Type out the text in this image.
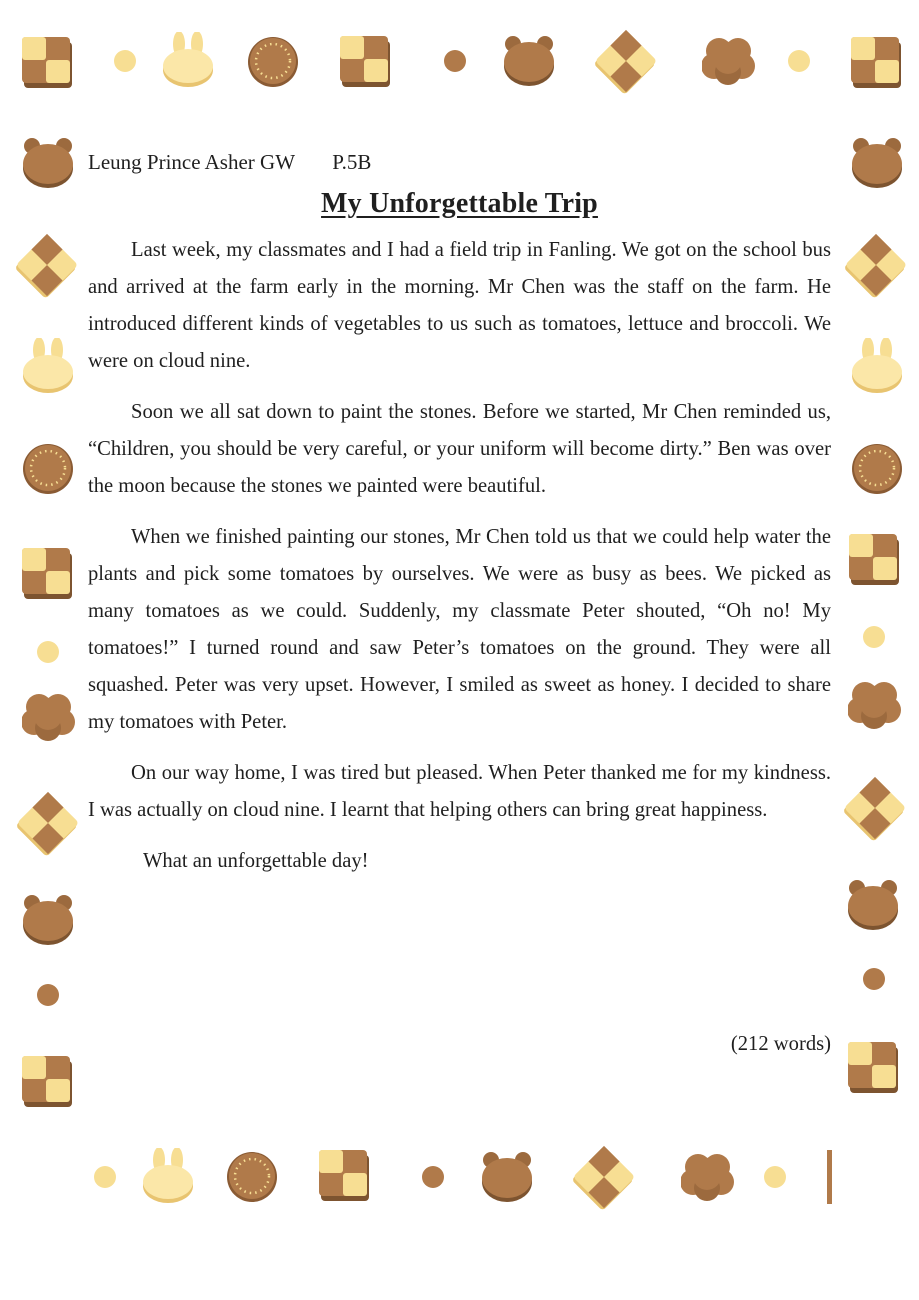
Leung Prince Asher GW P.5B

My Unforgettable Trip

Last week, my classmates and I had a field trip in Fanling. We got on the school bus and arrived at the farm early in the morning. Mr Chen was the staff on the farm. He introduced different kinds of vegetables to us such as tomatoes, lettuce and broccoli. We were on cloud nine.

Soon we all sat down to paint the stones. Before we started, Mr Chen reminded us, “Children, you should be very careful, or your uniform will become dirty.” Ben was over the moon because the stones we painted were beautiful.

When we finished painting our stones, Mr Chen told us that we could help water the plants and pick some tomatoes by ourselves. We were as busy as bees. We picked as many tomatoes as we could. Suddenly, my classmate Peter shouted, “Oh no! My tomatoes!” I turned round and saw Peter’s tomatoes on the ground. They were all squashed. Peter was very upset. However, I smiled as sweet as honey. I decided to share my tomatoes with Peter.

On our way home, I was tired but pleased. When Peter thanked me for my kindness. I was actually on cloud nine. I learnt that helping others can bring great happiness.

What an unforgettable day!

(212 words)
